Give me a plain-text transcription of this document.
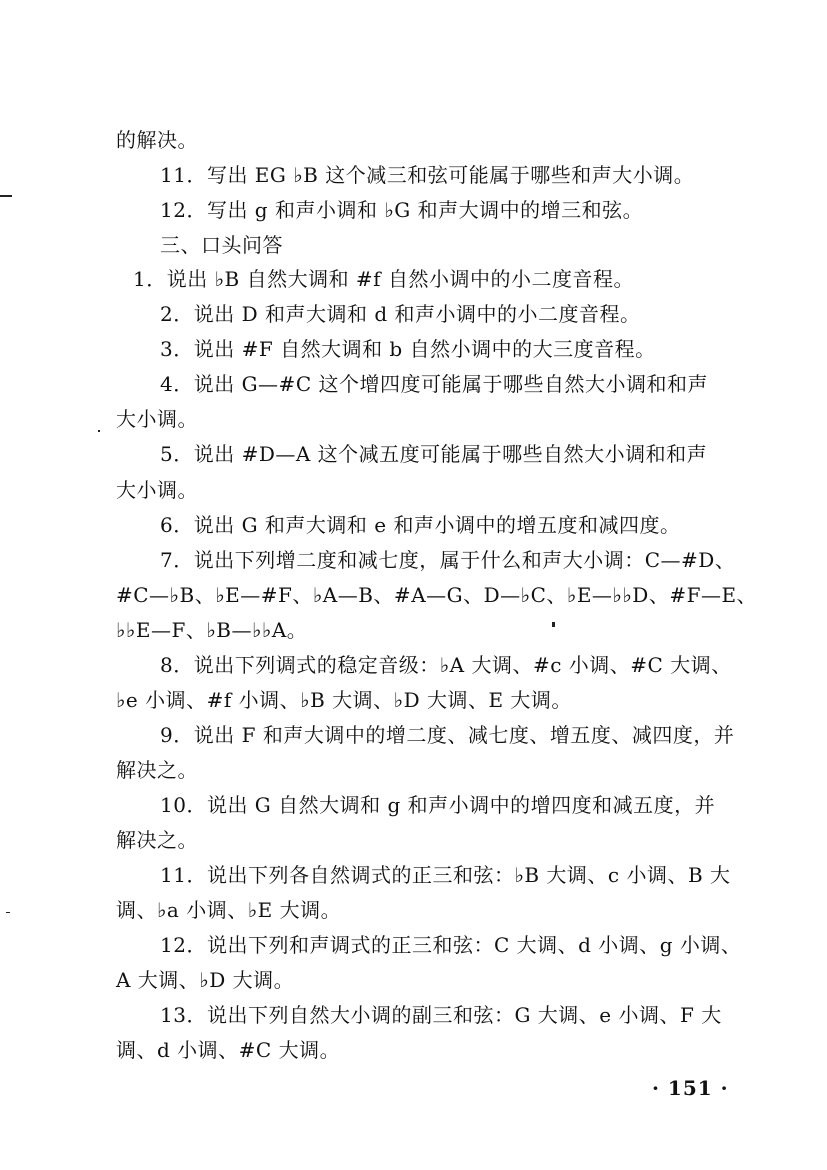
的解决。
11．写出 EG ♭B 这个减三和弦可能属于哪些和声大小调。
12．写出 g 和声小调和 ♭G 和声大调中的增三和弦。
三、口头问答
1．说出 ♭B 自然大调和 #f 自然小调中的小二度音程。
2．说出 D 和声大调和 d 和声小调中的小二度音程。
3．说出 #F 自然大调和 b 自然小调中的大三度音程。
4．说出 G—#C 这个增四度可能属于哪些自然大小调和和声
大小调。
5．说出 #D—A 这个减五度可能属于哪些自然大小调和和声
大小调。
6．说出 G 和声大调和 e 和声小调中的增五度和减四度。
7．说出下列增二度和减七度，属于什么和声大小调：C—#D、
#C—♭B、♭E—#F、♭A—B、#A—G、D—♭C、♭E—♭♭D、#F—E、
♭♭E—F、♭B—♭♭A。
8．说出下列调式的稳定音级：♭A 大调、#c 小调、#C 大调、
♭e 小调、#f 小调、♭B 大调、♭D 大调、E 大调。
9．说出 F 和声大调中的增二度、减七度、增五度、减四度，并
解决之。
10．说出 G 自然大调和 g 和声小调中的增四度和减五度，并
解决之。
11．说出下列各自然调式的正三和弦：♭B 大调、c 小调、B 大
调、♭a 小调、♭E 大调。
12．说出下列和声调式的正三和弦：C 大调、d 小调、g 小调、
A 大调、♭D 大调。
13．说出下列自然大小调的副三和弦：G 大调、e 小调、F 大
调、d 小调、#C 大调。
· 151 ·
